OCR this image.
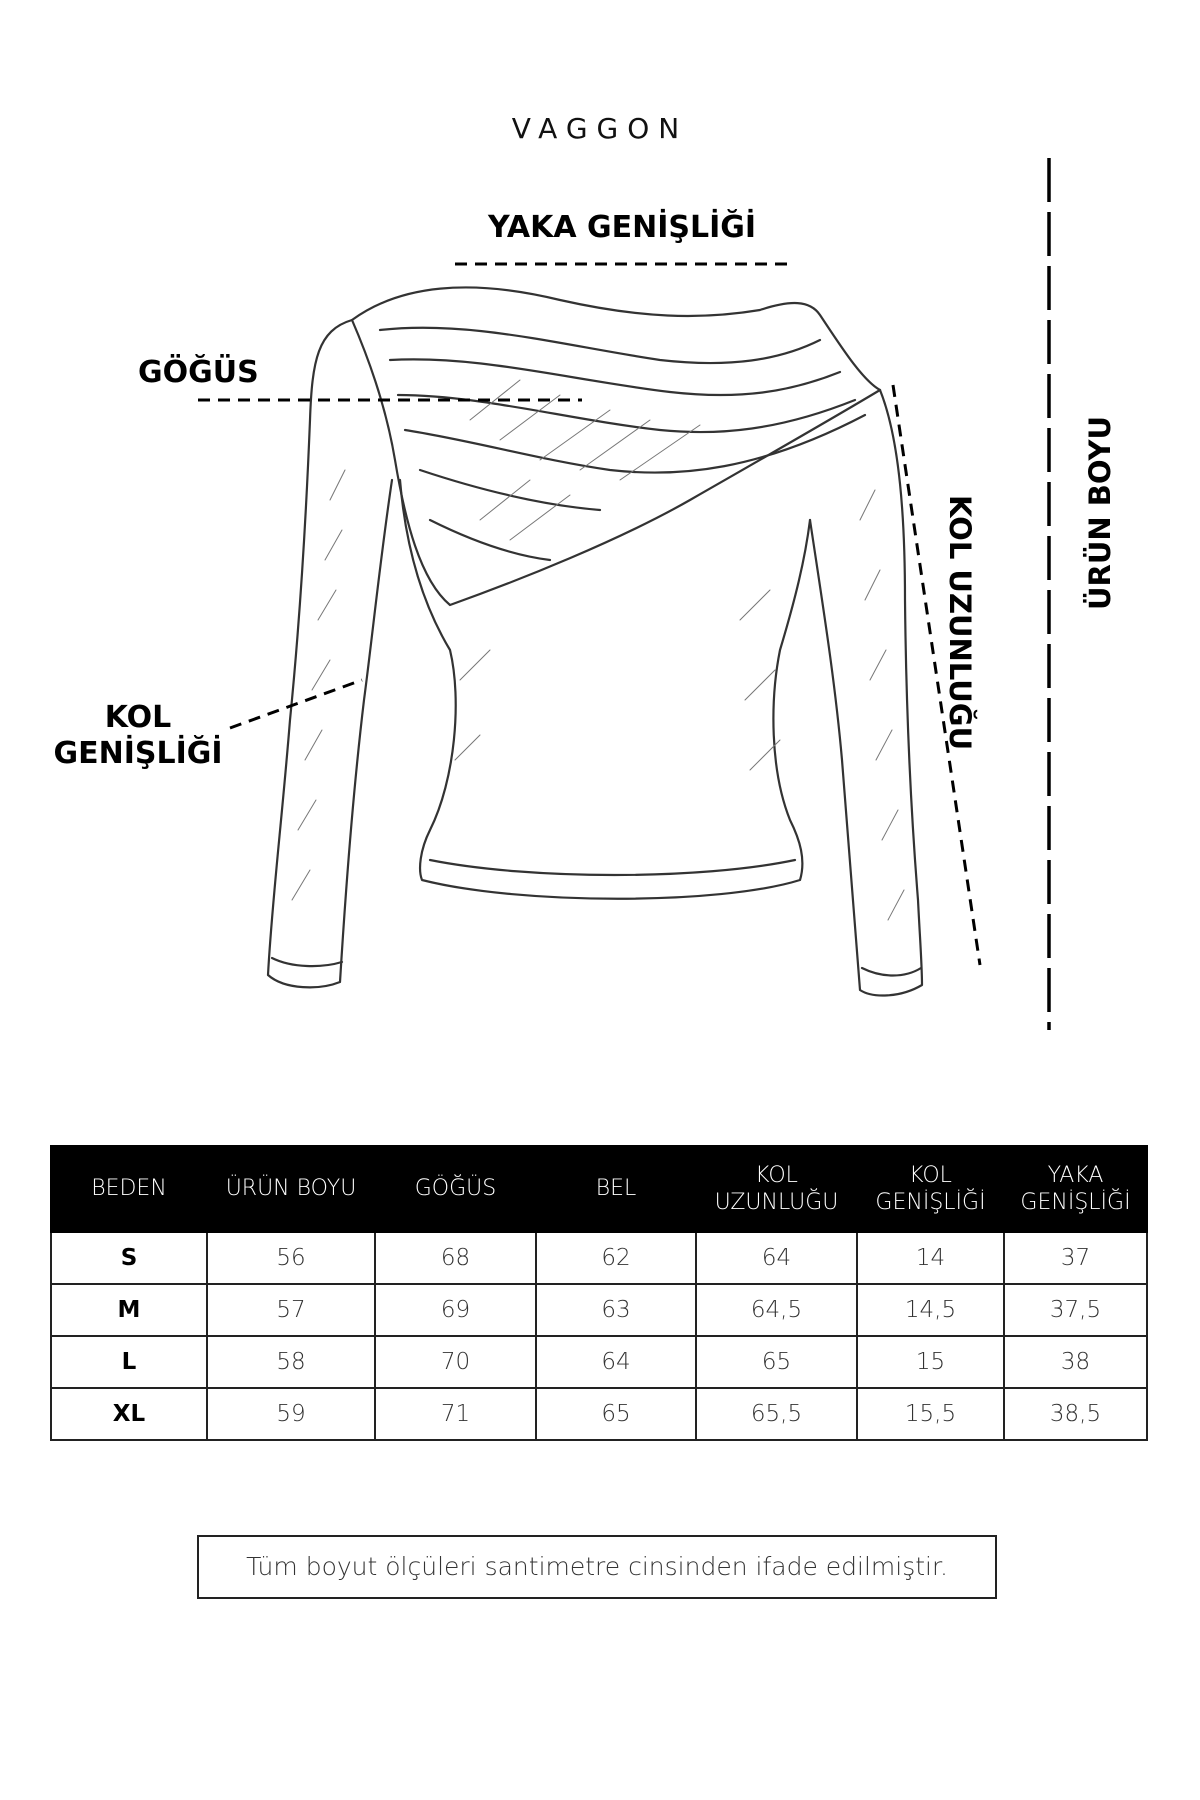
VAGGON
YAKA GENİŞLİĞİ
GÖĞÜS
KOL
GENİŞLİĞİ
KOL UZUNLUĞU	ÜRÜN BOYU
BEDEN	ÜRÜN BOYU	GÖĞÜS	BEL	KOL UZUNLUĞU	KOL GENİŞLİĞİ	YAKA GENİŞLİĞİ
S	56	68	62	64	14	37
M	57	69	63	64,5	14,5	37,5
L	58	70	64	65	15	38
XL	59	71	65	65,5	15,5	38,5
Tüm boyut ölçüleri santimetre cinsinden ifade edilmiştir.
